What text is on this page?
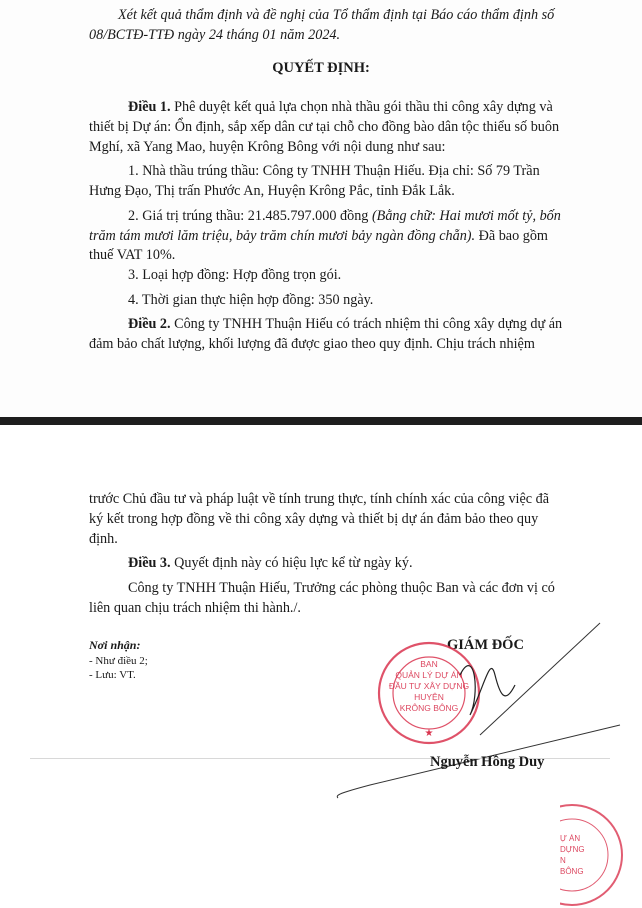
Xét kết quả thẩm định và đề nghị của Tổ thẩm định tại Báo cáo thẩm định số
08/BCTĐ-TTĐ ngày 24 tháng 01 năm 2024.
QUYẾT ĐỊNH:
Điều 1. Phê duyệt kết quả lựa chọn nhà thầu gói thầu thi công xây dựng và
thiết bị Dự án: Ổn định, sắp xếp dân cư tại chỗ cho đồng bào dân tộc thiểu số buôn
Mghí, xã Yang Mao, huyện Krông Bông với nội dung như sau:
1. Nhà thầu trúng thầu: Công ty TNHH Thuận Hiếu. Địa chỉ: Số 79 Trần
Hưng Đạo, Thị trấn Phước An, Huyện Krông Pắc, tỉnh Đắk Lắk.
2. Giá trị trúng thầu: 21.485.797.000 đồng (Bằng chữ: Hai mươi mốt tỷ, bốn
trăm tám mươi lăm triệu, bảy trăm chín mươi bảy ngàn đồng chẵn). Đã bao gồm
thuế VAT 10%.
3. Loại hợp đồng: Hợp đồng trọn gói.
4. Thời gian thực hiện hợp đồng: 350 ngày.
Điều 2. Công ty TNHH Thuận Hiếu có trách nhiệm thi công xây dựng dự án
đảm bảo chất lượng, khối lượng đã được giao theo quy định. Chịu trách nhiệm
trước Chủ đầu tư và pháp luật về tính trung thực, tính chính xác của công việc đã
ký kết trong hợp đồng về thi công xây dựng và thiết bị dự án đảm bảo theo quy
định.
Điều 3. Quyết định này có hiệu lực kể từ ngày ký.
Công ty TNHH Thuận Hiếu, Trưởng các phòng thuộc Ban và các đơn vị có
liên quan chịu trách nhiệm thi hành./.
Nơi nhận:
- Như điều 2;
- Lưu: VT.
GIÁM ĐỐC
★
BAN
QUẢN LÝ DỰ ÁN
ĐẦU TƯ XÂY DỰNG
HUYỆN
KRÔNG BÔNG
Nguyễn Hồng Duy
Ự ÁN
DỰNG
N
BÔNG
